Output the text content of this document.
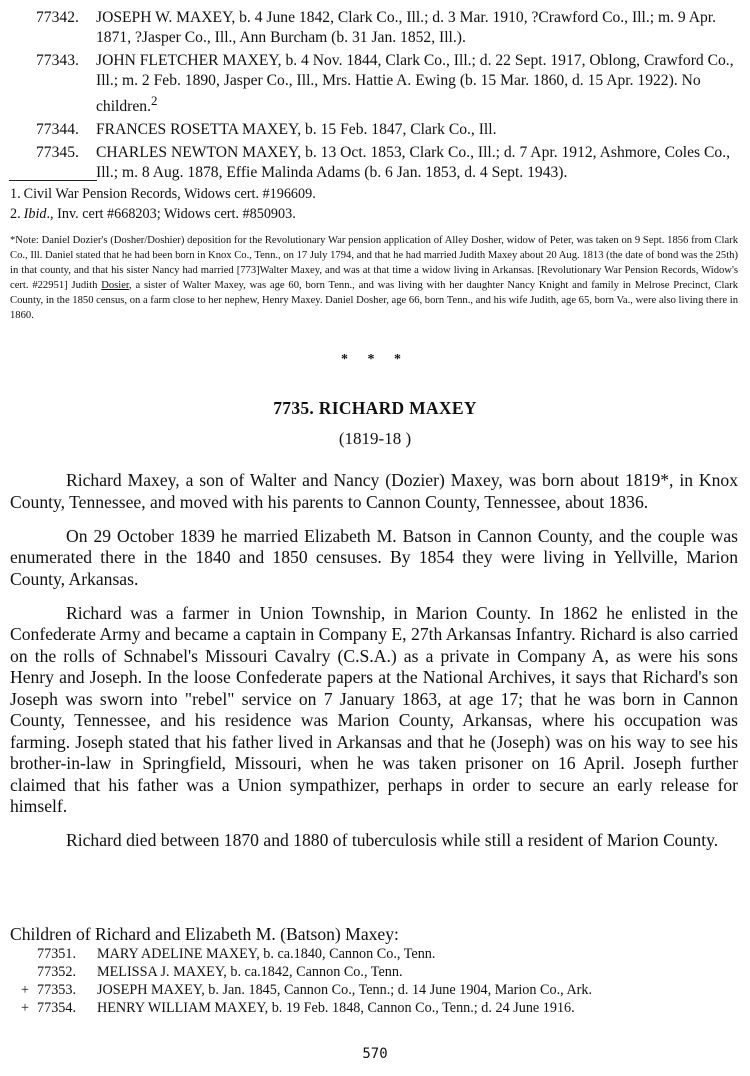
77342. JOSEPH W. MAXEY, b. 4 June 1842, Clark Co., Ill.; d. 3 Mar. 1910, ?Crawford Co., Ill.; m. 9 Apr. 1871, ?Jasper Co., Ill., Ann Burcham (b. 31 Jan. 1852, Ill.).
77343. JOHN FLETCHER MAXEY, b. 4 Nov. 1844, Clark Co., Ill.; d. 22 Sept. 1917, Oblong, Crawford Co., Ill.; m. 2 Feb. 1890, Jasper Co., Ill., Mrs. Hattie A. Ewing (b. 15 Mar. 1860, d. 15 Apr. 1922). No children.$^2$
77344. FRANCES ROSETTA MAXEY, b. 15 Feb. 1847, Clark Co., Ill.
77345. CHARLES NEWTON MAXEY, b. 13 Oct. 1853, Clark Co., Ill.; d. 7 Apr. 1912, Ashmore, Coles Co., Ill.; m. 8 Aug. 1878, Effie Malinda Adams (b. 6 Jan. 1853, d. 4 Sept. 1943).
1. Civil War Pension Records, Widows cert. #196609.
2. Ibid., Inv. cert #668203; Widows cert. #850903.
*Note: Daniel Dozier's (Dosher/Doshier) deposition for the Revolutionary War pension application of Alley Dosher, widow of Peter, was taken on 9 Sept. 1856 from Clark Co., Ill. Daniel stated that he had been born in Knox Co., Tenn., on 17 July 1794, and that he had married Judith Maxey about 20 Aug. 1813 (the date of bond was the 25th) in that county, and that his sister Nancy had married [773]Walter Maxey, and was at that time a widow living in Arkansas. [Revolutionary War Pension Records, Widow's cert. #22951] Judith Dosier, a sister of Walter Maxey, was age 60, born Tenn., and was living with her daughter Nancy Knight and family in Melrose Precinct, Clark County, in the 1850 census, on a farm close to her nephew, Henry Maxey. Daniel Dosher, age 66, born Tenn., and his wife Judith, age 65, born Va., were also living there in 1860.
* * *
7735. RICHARD MAXEY
(1819-18 )

Richard Maxey, a son of Walter and Nancy (Dozier) Maxey, was born about 1819*, in Knox County, Tennessee, and moved with his parents to Cannon County, Tennessee, about 1836.

On 29 October 1839 he married Elizabeth M. Batson in Cannon County, and the couple was enumerated there in the 1840 and 1850 censuses. By 1854 they were living in Yellville, Marion County, Arkansas.

Richard was a farmer in Union Township, in Marion County. In 1862 he enlisted in the Confederate Army and became a captain in Company E, 27th Arkansas Infantry. Richard is also carried on the rolls of Schnabel's Missouri Cavalry (C.S.A.) as a private in Company A, as were his sons Henry and Joseph. In the loose Confederate papers at the National Archives, it says that Richard's son Joseph was sworn into "rebel" service on 7 January 1863, at age 17; that he was born in Cannon County, Tennessee, and his residence was Marion County, Arkansas, where his occupation was farming. Joseph stated that his father lived in Arkansas and that he (Joseph) was on his way to see his brother-in-law in Springfield, Missouri, when he was taken prisoner on 16 April. Joseph further claimed that his father was a Union sympathizer, perhaps in order to secure an early release for himself.

Richard died between 1870 and 1880 of tuberculosis while still a resident of Marion County.

Children of Richard and Elizabeth M. (Batson) Maxey:
77351. MARY ADELINE MAXEY, b. ca.1840, Cannon Co., Tenn.
77352. MELISSA J. MAXEY, b. ca.1842, Cannon Co., Tenn.
+ 77353. JOSEPH MAXEY, b. Jan. 1845, Cannon Co., Tenn.; d. 14 June 1904, Marion Co., Ark.
+ 77354. HENRY WILLIAM MAXEY, b. 19 Feb. 1848, Cannon Co., Tenn.; d. 24 June 1916.
570
